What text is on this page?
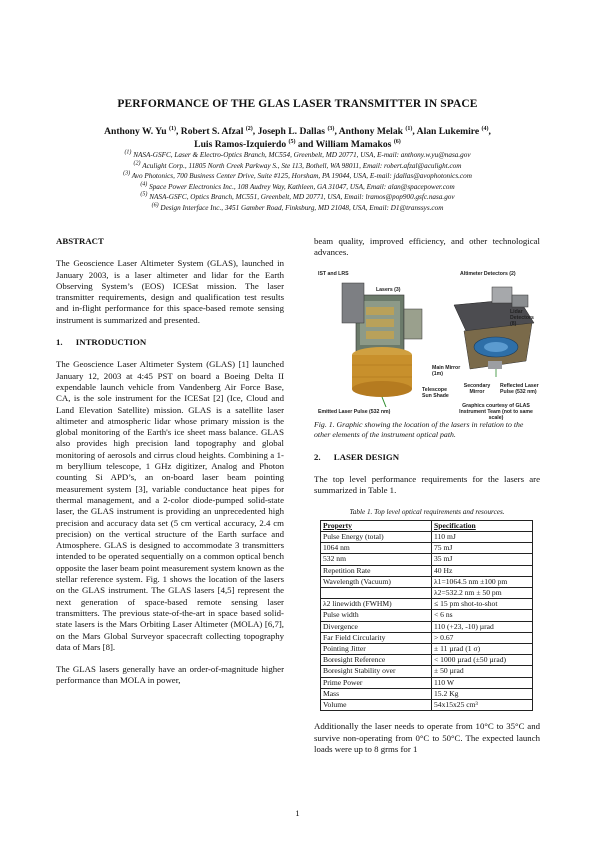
PERFORMANCE OF THE GLAS LASER TRANSMITTER IN SPACE
Anthony W. Yu $^{(1)}$, Robert S. Afzal $^{(2)}$, Joseph L. Dallas $^{(3)}$, Anthony Melak $^{(1)}$, Alan Lukemire $^{(4)}$,
Luis Ramos-Izquierdo $^{(5)}$ and William Mamakos $^{(6)}$
$^{(1)}$ NASA-GSFC, Laser & Electro-Optics Branch, MC554, Greenbelt, MD 20771, USA, E-mail: anthony.w.yu@nasa.gov
$^{(2)}$ Aculight Corp., 11805 North Creek Parkway S., Ste 113, Bothell, WA 98011, Email: robert.afzal@aculight.com
$^{(3)}$ Avo Photonics, 700 Business Center Drive, Suite #125, Horsham, PA 19044, USA, E-mail: jdallas@avophotonics.com
$^{(4)}$ Space Power Electronics Inc., 108 Audrey Way, Kathleen, GA 31047, USA, Email: alan@spacepower.com
$^{(5)}$ NASA-GSFC, Optics Branch, MC551, Greenbelt, MD 20771, USA, Email: lramos@pop900.gsfc.nasa.gov
$^{(6)}$ Design Interface Inc., 3451 Gamber Road, Finksburg, MD 21048, USA, Email: D1@transsys.com
ABSTRACT

The Geoscience Laser Altimeter System (GLAS), launched in January 2003, is a laser altimeter and lidar for the Earth Observing System’s (EOS) ICESat mission. The laser transmitter requirements, design and qualification test results and in-flight performance for this space-based remote sensing instrument is summarized and presented.

1.      INTRODUCTION

The Geoscience Laser Altimeter System (GLAS) [1] launched January 12, 2003 at 4:45 PST on board a Boeing Delta II expendable launch vehicle from Vandenberg Air Force Base, CA, is the sole instrument for the ICESat [2] (Ice, Cloud and Land Elevation Satellite) mission. GLAS is a satellite laser altimeter and atmospheric lidar whose primary mission is the global monitoring of the Earth's ice sheet mass balance. GLAS also provides high precision land topography and global monitoring of aerosols and cirrus cloud heights. Combining a 1-m beryllium telescope, 1 GHz digitizer, Analog and Photon counting Si APD’s, an on-board laser beam pointing measurement system [3], variable conductance heat pipes for thermal management, and a 2-color diode-pumped solid-state laser, the GLAS instrument is providing an unprecedented high precision and accuracy data set (5 cm vertical accuracy, 2.4 cm precision) on the vertical structure of the Earth surface and Atmosphere. GLAS is designed to accommodate 3 transmitters intended to be operated sequentially on a common optical bench opposite the laser beam point measurement system known as the stellar reference system. Fig. 1 shows the location of the lasers on the GLAS instrument. The GLAS lasers [4,5] represent the next generation of space-based remote sensing laser transmitters. The previous state-of-the-art in space based solid-state lasers is the Mars Orbiting Laser Altimeter (MOLA) [6,7], on the Mars Global Surveyor spacecraft collecting topography data of Mars [8].

The GLAS lasers generally have an order-of-magnitude higher performance than MOLA in power,

beam quality, improved efficiency, and other technological advances.

IST and LRS
Lasers (3)
Altimeter Detectors (2)
Lidar Detectors (8)
Main Mirror (1m)
Secondary Mirror
Telescope Sun Shade
Reflected Laser Pulse (532 nm)
Emitted Laser Pulse (532 nm)
Graphics courtesy of GLAS Instrument Team (not to same scale)
Fig. 1. Graphic showing the location of the lasers in relation to the other elements of the instrument optical path.
2.      LASER DESIGN

The top level performance requirements for the lasers are summarized in Table 1.

Table 1. Top level optical requirements and resources.
Property	Specification
Pulse Energy (total)	110 mJ
1064 nm	75 mJ
532 nm	35 mJ
Repetition Rate	40 Hz
Wavelength (Vacuum)	λ1=1064.5 nm ±100 pm
	λ2=532.2 nm ± 50 pm
λ2 linewidth (FWHM)	≤ 15 pm shot-to-shot
Pulse width	< 6 ns
Divergence	110 (+23, -10) µrad
Far Field Circularity	> 0.67
Pointing Jitter	± 11 µrad (1 σ)
Boresight Reference	< 1000 µrad (±50 µrad)
Boresight Stability over	± 50 µrad
Prime Power	110 W
Mass	15.2 Kg
Volume	54x15x25 cm³

Additionally the laser needs to operate from 10°C to 35°C and survive non-operating from 0°C to 50°C. The expected launch loads were up to 8 grms for 1

1
